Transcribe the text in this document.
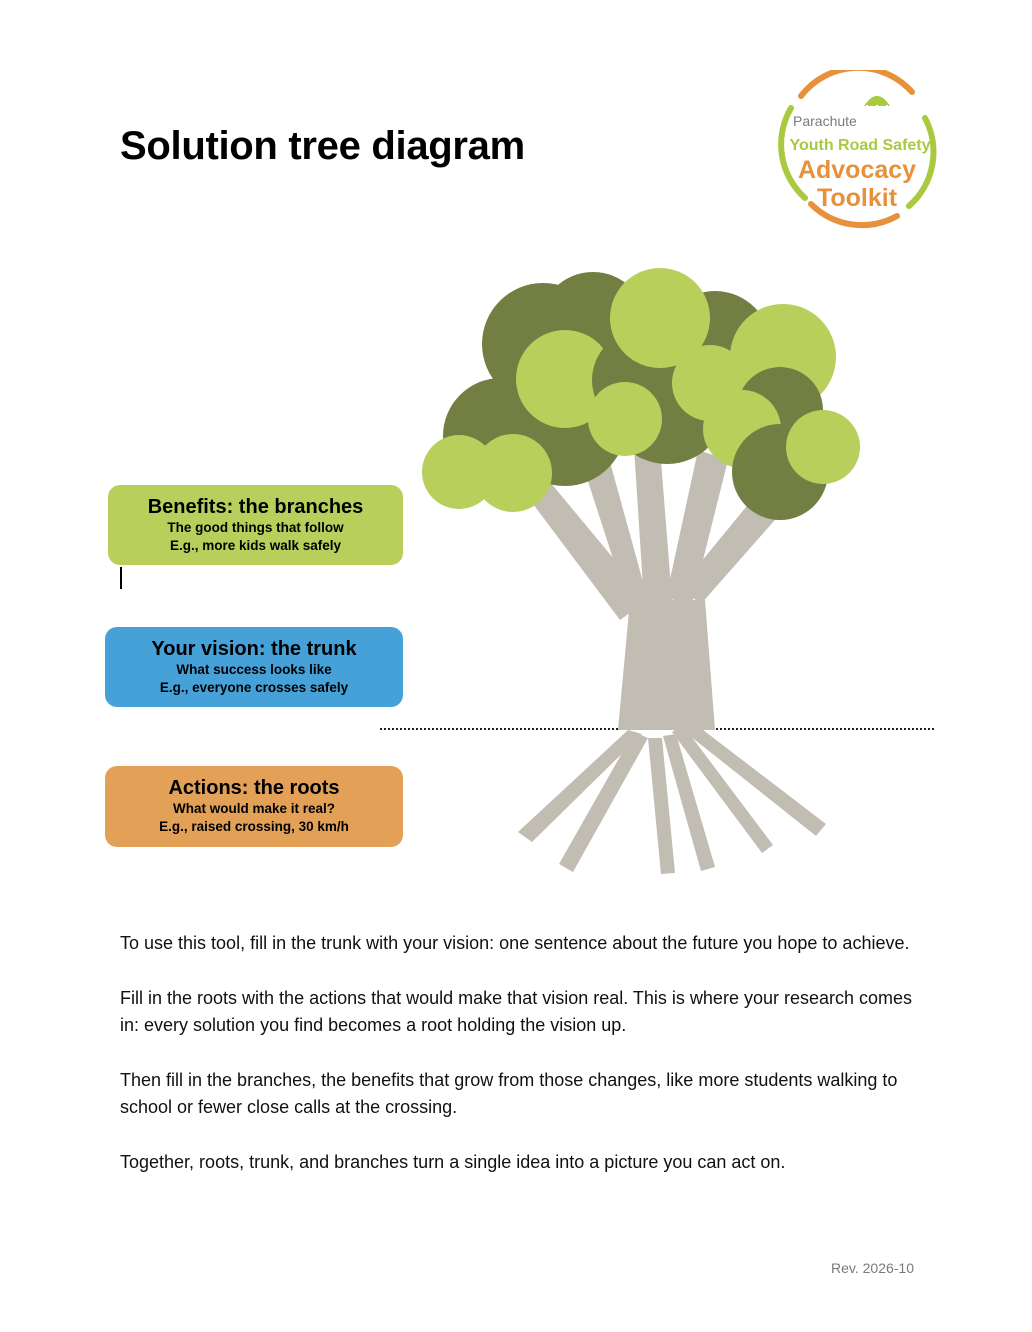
Solution tree diagram
Parachute
Youth Road Safety
Advocacy
Toolkit
Benefits: the branches
The good things that follow
E.g., more kids walk safely
Your vision: the trunk
What success looks like
E.g., everyone crosses safely
Actions: the roots
What would make it real?
E.g., raised crossing, 30 km/h

To use this tool, fill in the trunk with your vision: one sentence about the future you hope to achieve.

Fill in the roots with the actions that would make that vision real. This is where your research comes in: every solution you find becomes a root holding the vision up.

Then fill in the branches, the benefits that grow from those changes, like more students walking to school or fewer close calls at the crossing.

Together, roots, trunk, and branches turn a single idea into a picture you can act on.

Rev. 2026-10
